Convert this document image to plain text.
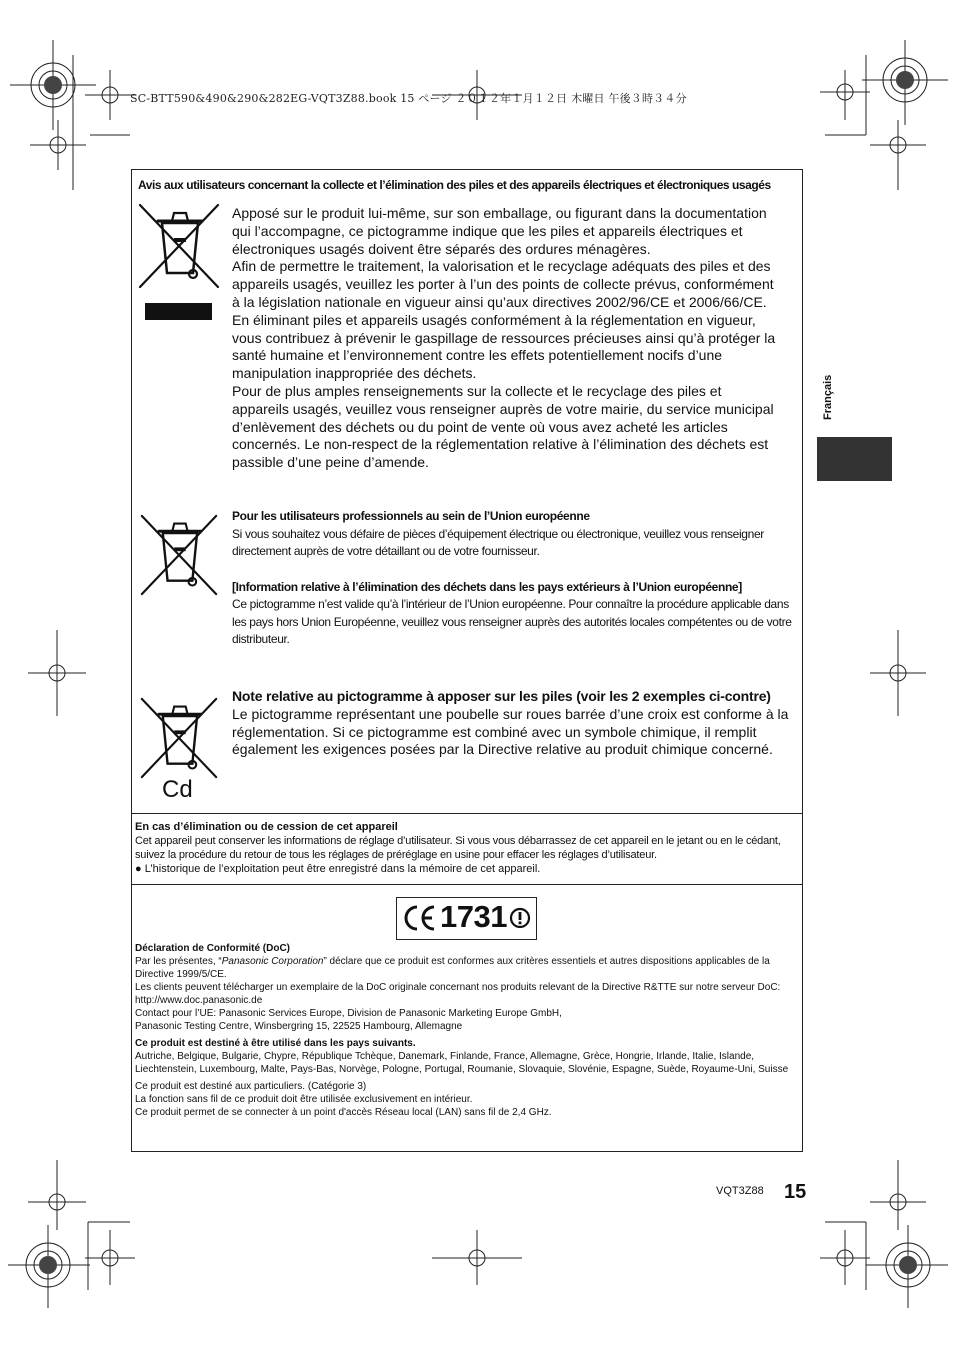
SC-BTT590&490&290&282EG-VQT3Z88.book 15 ページ ２０１２年１月１２日 木曜日 午後３時３４分
Avis aux utilisateurs concernant la collecte et l’élimination des piles et des appareils électriques et électroniques usagés
Apposé sur le produit lui-même, sur son emballage, ou figurant dans la documentation qui l’accompagne, ce pictogramme indique que les piles et appareils électriques et électroniques usagés doivent être séparés des ordures ménagères.
Afin de permettre le traitement, la valorisation et le recyclage adéquats des piles et des appareils usagés, veuillez les porter à l’un des points de collecte prévus, conformément à la législation nationale en vigueur ainsi qu’aux directives 2002/96/CE et 2006/66/CE.
En éliminant piles et appareils usagés conformément à la réglementation en vigueur, vous contribuez à prévenir le gaspillage de ressources précieuses ainsi qu’à protéger la santé humaine et l’environnement contre les effets potentiellement nocifs d’une manipulation inappropriée des déchets.
Pour de plus amples renseignements sur la collecte et le recyclage des piles et appareils usagés, veuillez vous renseigner auprès de votre mairie, du service municipal d’enlèvement des déchets ou du point de vente où vous avez acheté les articles concernés. Le non-respect de la réglementation relative à l’élimination des déchets est passible d’une peine d’amende.
Pour les utilisateurs professionnels au sein de l’Union européenne
Si vous souhaitez vous défaire de pièces d’équipement électrique ou électronique, veuillez vous renseigner directement auprès de votre détaillant ou de votre fournisseur.
[Information relative à l’élimination des déchets dans les pays extérieurs à l’Union européenne]
Ce pictogramme n’est valide qu’à l’intérieur de l’Union européenne. Pour connaître la procédure applicable dans les pays hors Union Européenne, veuillez vous renseigner auprès des autorités locales compétentes ou de votre distributeur.
Cd
Note relative au pictogramme à apposer sur les piles (voir les 2 exemples ci-contre)
Le pictogramme représentant une poubelle sur roues barrée d’une croix est conforme à la réglementation. Si ce pictogramme est combiné avec un symbole chimique, il remplit également les exigences posées par la Directive relative au produit chimique concerné.
En cas d’élimination ou de cession de cet appareil
Cet appareil peut conserver les informations de réglage d’utilisateur. Si vous vous débarrassez de cet appareil en le jetant ou en le cédant, suivez la procédure du retour de tous les réglages de préréglage en usine pour effacer les réglages d’utilisateur.
● L’historique de l’exploitation peut être enregistré dans la mémoire de cet appareil.
1731
Déclaration de Conformité (DoC)
Par les présentes, “Panasonic Corporation” déclare que ce produit est conformes aux critères essentiels et autres dispositions applicables de la Directive 1999/5/CE.
Les clients peuvent télécharger un exemplaire de la DoC originale concernant nos produits relevant de la Directive R&TTE sur notre serveur DoC:
http://www.doc.panasonic.de
Contact pour l’UE: Panasonic Services Europe, Division de Panasonic Marketing Europe GmbH,
Panasonic Testing Centre, Winsbergring 15, 22525 Hambourg, Allemagne
Ce produit est destiné à être utilisé dans les pays suivants.
Autriche, Belgique, Bulgarie, Chypre, République Tchèque, Danemark, Finlande, France, Allemagne, Grèce, Hongrie, Irlande, Italie, Islande, Liechtenstein, Luxembourg, Malte, Pays-Bas, Norvège, Pologne, Portugal, Roumanie, Slovaquie, Slovénie, Espagne, Suède, Royaume-Uni, Suisse
Ce produit est destiné aux particuliers. (Catégorie 3)
La fonction sans fil de ce produit doit être utilisée exclusivement en intérieur.
Ce produit permet de se connecter à un point d'accès Réseau local (LAN) sans fil de 2,4 GHz.
Français
VQT3Z88 15
